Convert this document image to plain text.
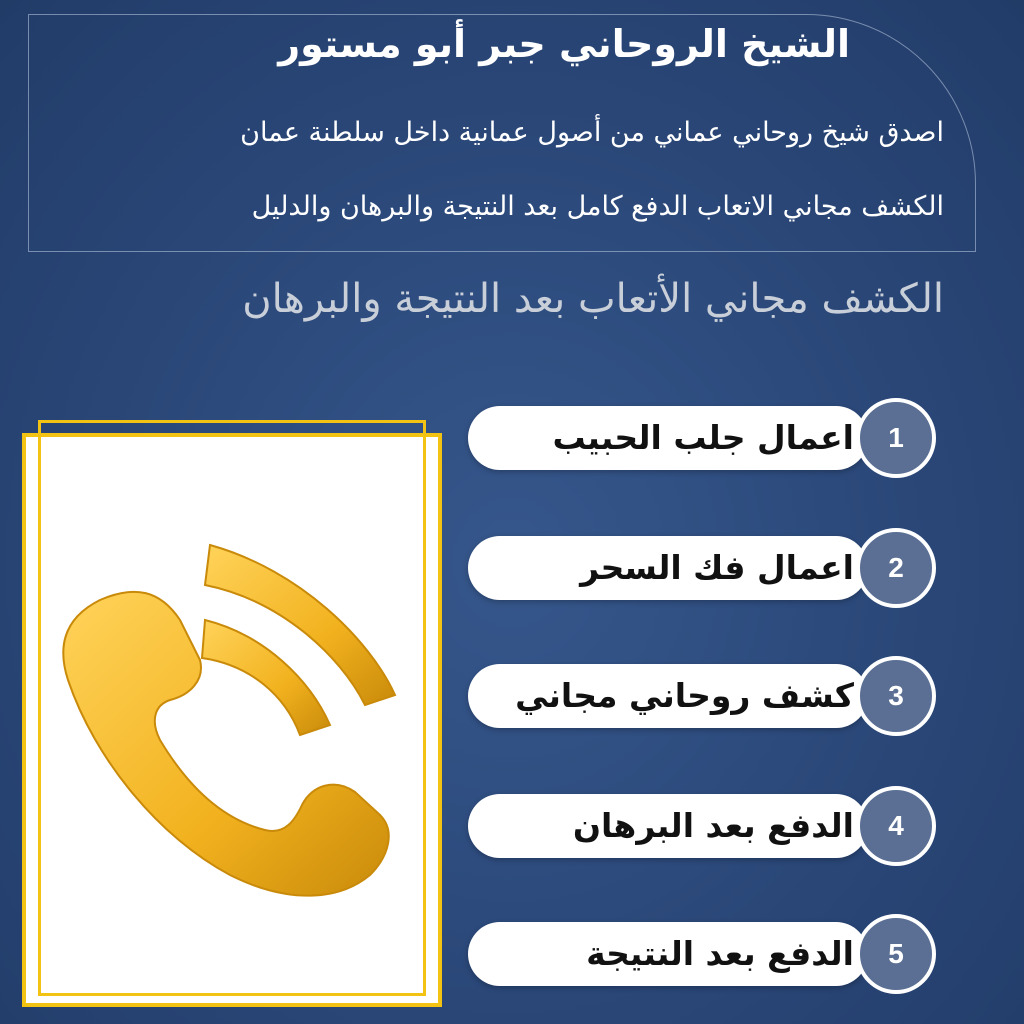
الشيخ الروحاني جبر أبو مستور
اصدق شيخ روحاني عماني من أصول عمانية داخل سلطنة عمان
الكشف مجاني الاتعاب الدفع كامل بعد النتيجة والبرهان والدليل
الكشف مجاني الأتعاب بعد النتيجة والبرهان
اعمال جلب الحبيب	1
اعمال فك السحر	2
كشف روحاني مجاني	3
الدفع بعد البرهان	4
الدفع بعد النتيجة	5
